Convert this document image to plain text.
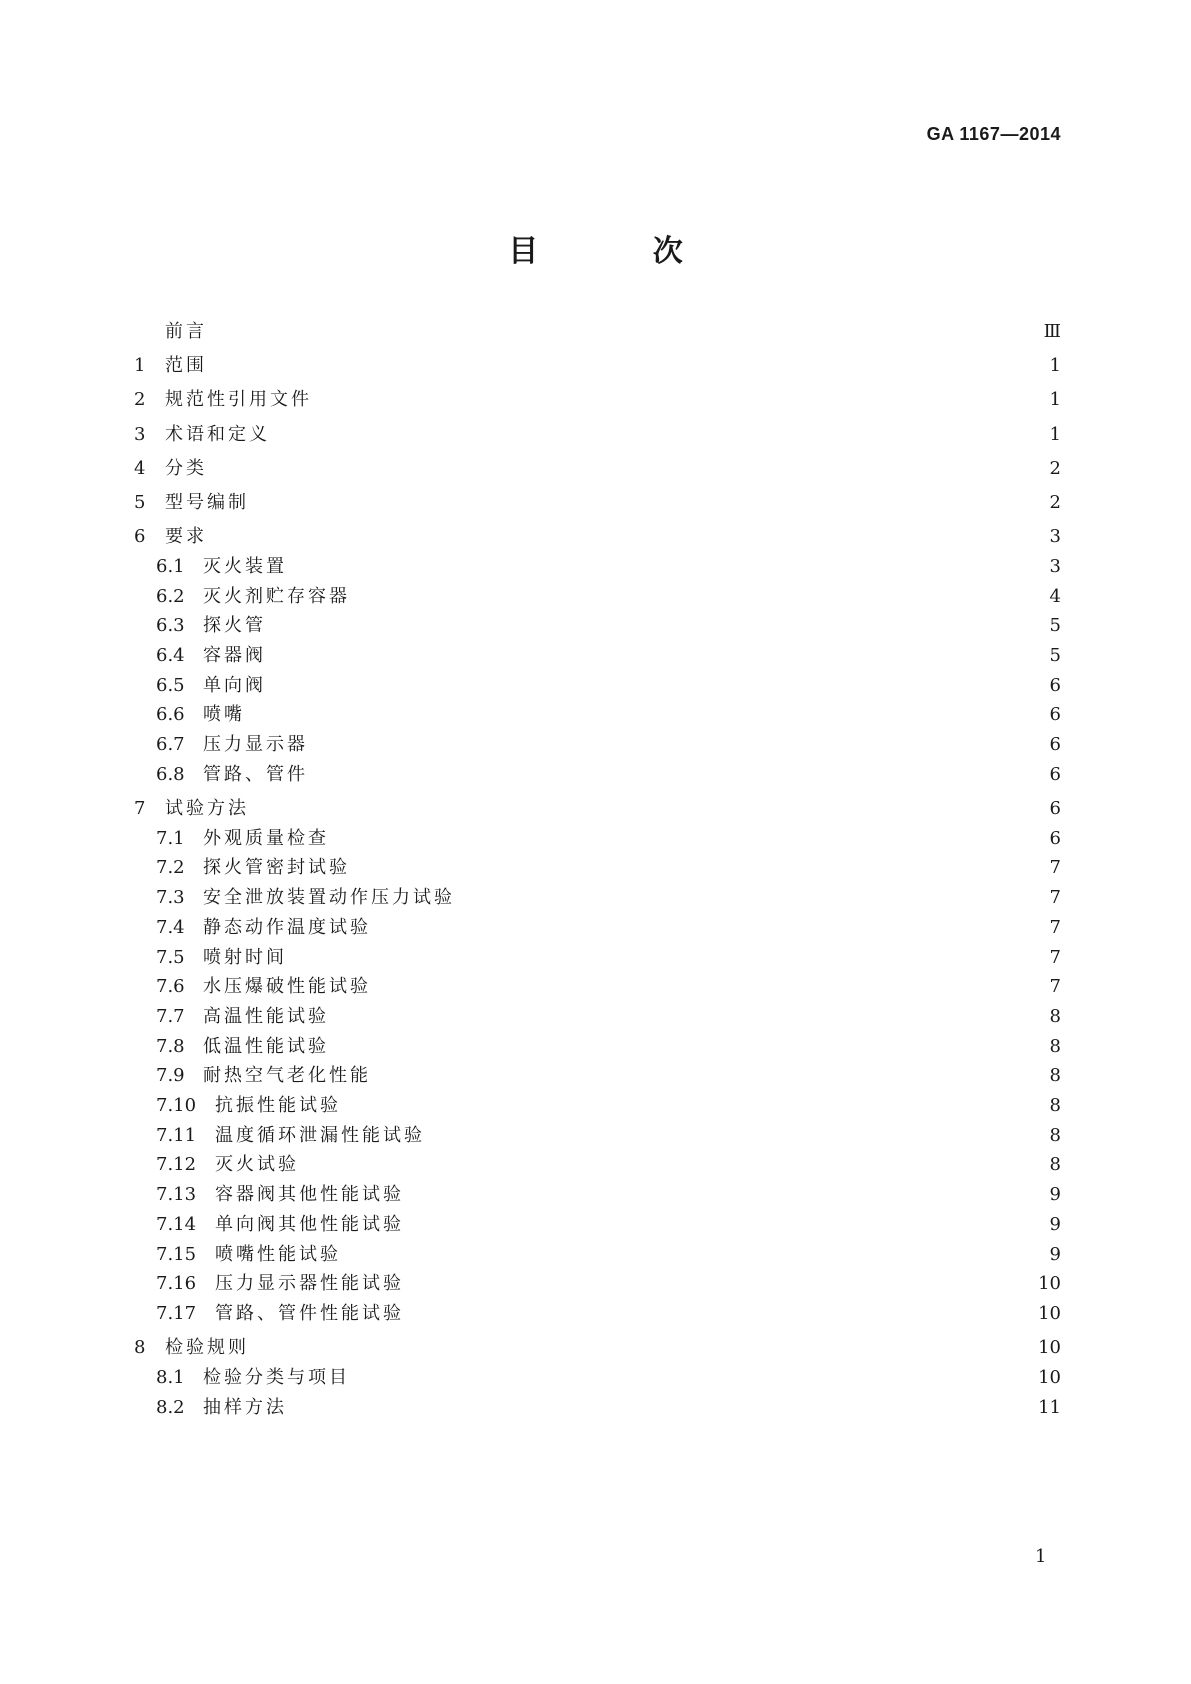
GA 1167—2014
目 次
前言	Ⅲ
1	范围	1
2	规范性引用文件	1
3	术语和定义	1
4	分类	2
5	型号编制	2
6	要求	3
6.1	灭火装置	3
6.2	灭火剂贮存容器	4
6.3	探火管	5
6.4	容器阀	5
6.5	单向阀	6
6.6	喷嘴	6
6.7	压力显示器	6
6.8	管路、管件	6
7	试验方法	6
7.1	外观质量检查	6
7.2	探火管密封试验	7
7.3	安全泄放装置动作压力试验	7
7.4	静态动作温度试验	7
7.5	喷射时间	7
7.6	水压爆破性能试验	7
7.7	高温性能试验	8
7.8	低温性能试验	8
7.9	耐热空气老化性能	8
7.10	抗振性能试验	8
7.11	温度循环泄漏性能试验	8
7.12	灭火试验	8
7.13	容器阀其他性能试验	9
7.14	单向阀其他性能试验	9
7.15	喷嘴性能试验	9
7.16	压力显示器性能试验	10
7.17	管路、管件性能试验	10
8	检验规则	10
8.1	检验分类与项目	10
8.2	抽样方法	11
1
